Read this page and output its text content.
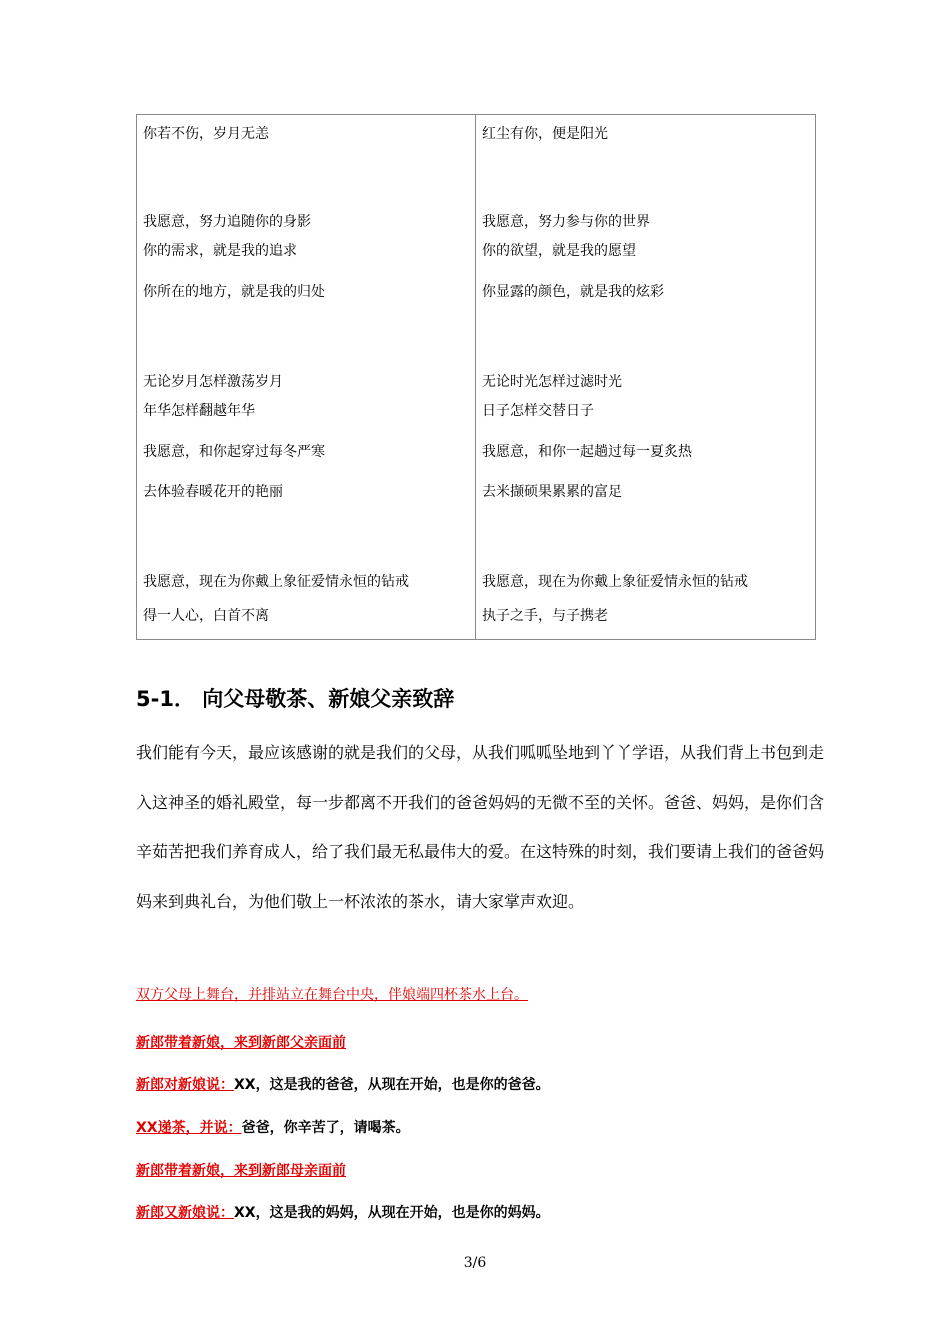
你若不伤，岁月无恙
我愿意，努力追随你的身影
你的需求，就是我的追求
你所在的地方，就是我的归处
无论岁月怎样激荡岁月
年华怎样翻越年华
我愿意，和你起穿过每冬严寒
去体验春暖花开的艳丽
我愿意，现在为你戴上象征爱情永恒的钻戒
得一人心，白首不离
红尘有你，便是阳光
我愿意，努力参与你的世界
你的欲望，就是我的愿望
你显露的颜色，就是我的炫彩
无论时光怎样过滤时光
日子怎样交替日子
我愿意，和你一起趟过每一夏炙热
去米撷硕果累累的富足
我愿意，现在为你戴上象征爱情永恒的钻戒
执子之手，与子携老
5-1． 向父母敬茶、新娘父亲致辞

我们能有今天，最应该感谢的就是我们的父母，从我们呱呱坠地到丫丫学语，从我们背上书包到走入这神圣的婚礼殿堂，每一步都离不开我们的爸爸妈妈的无微不至的关怀。爸爸、妈妈，是你们含辛茹苦把我们养育成人，给了我们最无私最伟大的爱。在这特殊的时刻，我们要请上我们的爸爸妈妈来到典礼台，为他们敬上一杯浓浓的茶水，请大家掌声欢迎。

双方父母上舞台，并排站立在舞台中央，伴娘端四杯茶水上台。
新郎带着新娘，来到新郎父亲面前
新郎对新娘说：XX，这是我的爸爸，从现在开始，也是你的爸爸。
XX递茶，并说：爸爸，你辛苦了，请喝茶。
新郎带着新娘，来到新郎母亲面前
新郎又新娘说：XX，这是我的妈妈，从现在开始，也是你的妈妈。
3/6
